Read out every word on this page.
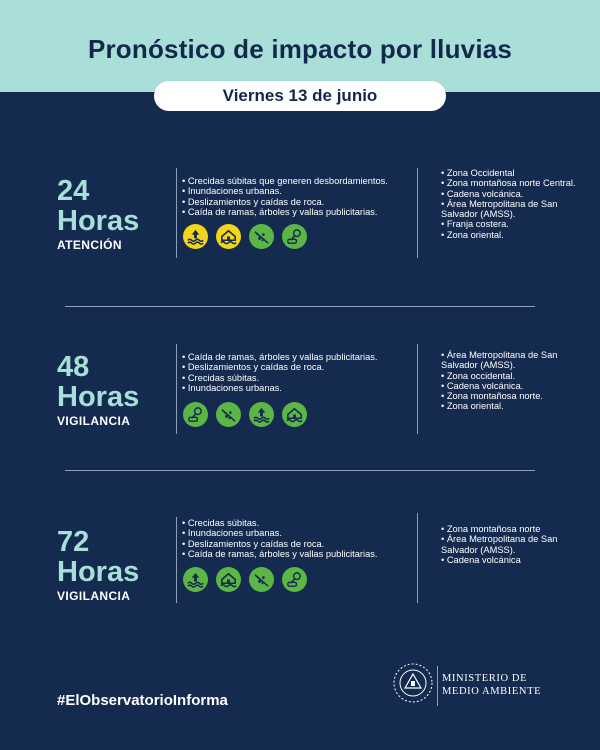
Pronóstico de impacto por lluvias
Viernes 13 de junio
24
Horas
ATENCIÓN
• Crecidas súbitas que generen desbordamientos.
• Inundaciones urbanas.
• Deslizamientos y caídas de roca.
• Caída de ramas, árboles y vallas publicitarias.
• Zona Occidental
• Zona montañosa norte Central.
• Cadena volcánica.
• Área Metropolitana de San Salvador (AMSS).
• Franja costera.
• Zona oriental.
48
Horas
VIGILANCIA
• Caída de ramas, árboles y vallas publicitarias.
• Deslizamientos y caídas de roca.
• Crecidas súbitas.
• Inundaciones urbanas.
• Área Metropolitana de San Salvador (AMSS).
• Zona occidental.
• Cadena volcánica.
• Zona montañosa norte.
• Zona oriental.
72
Horas
VIGILANCIA
• Crecidas súbitas.
• Inundaciones urbanas.
• Deslizamientos y caídas de roca.
• Caída de ramas, árboles y vallas publicitarias.
• Zona montañosa norte
• Área Metropolitana de San Salvador (AMSS).
• Cadena volcánica
#ElObservatorioInforma
MINISTERIO DE
MEDIO AMBIENTE
